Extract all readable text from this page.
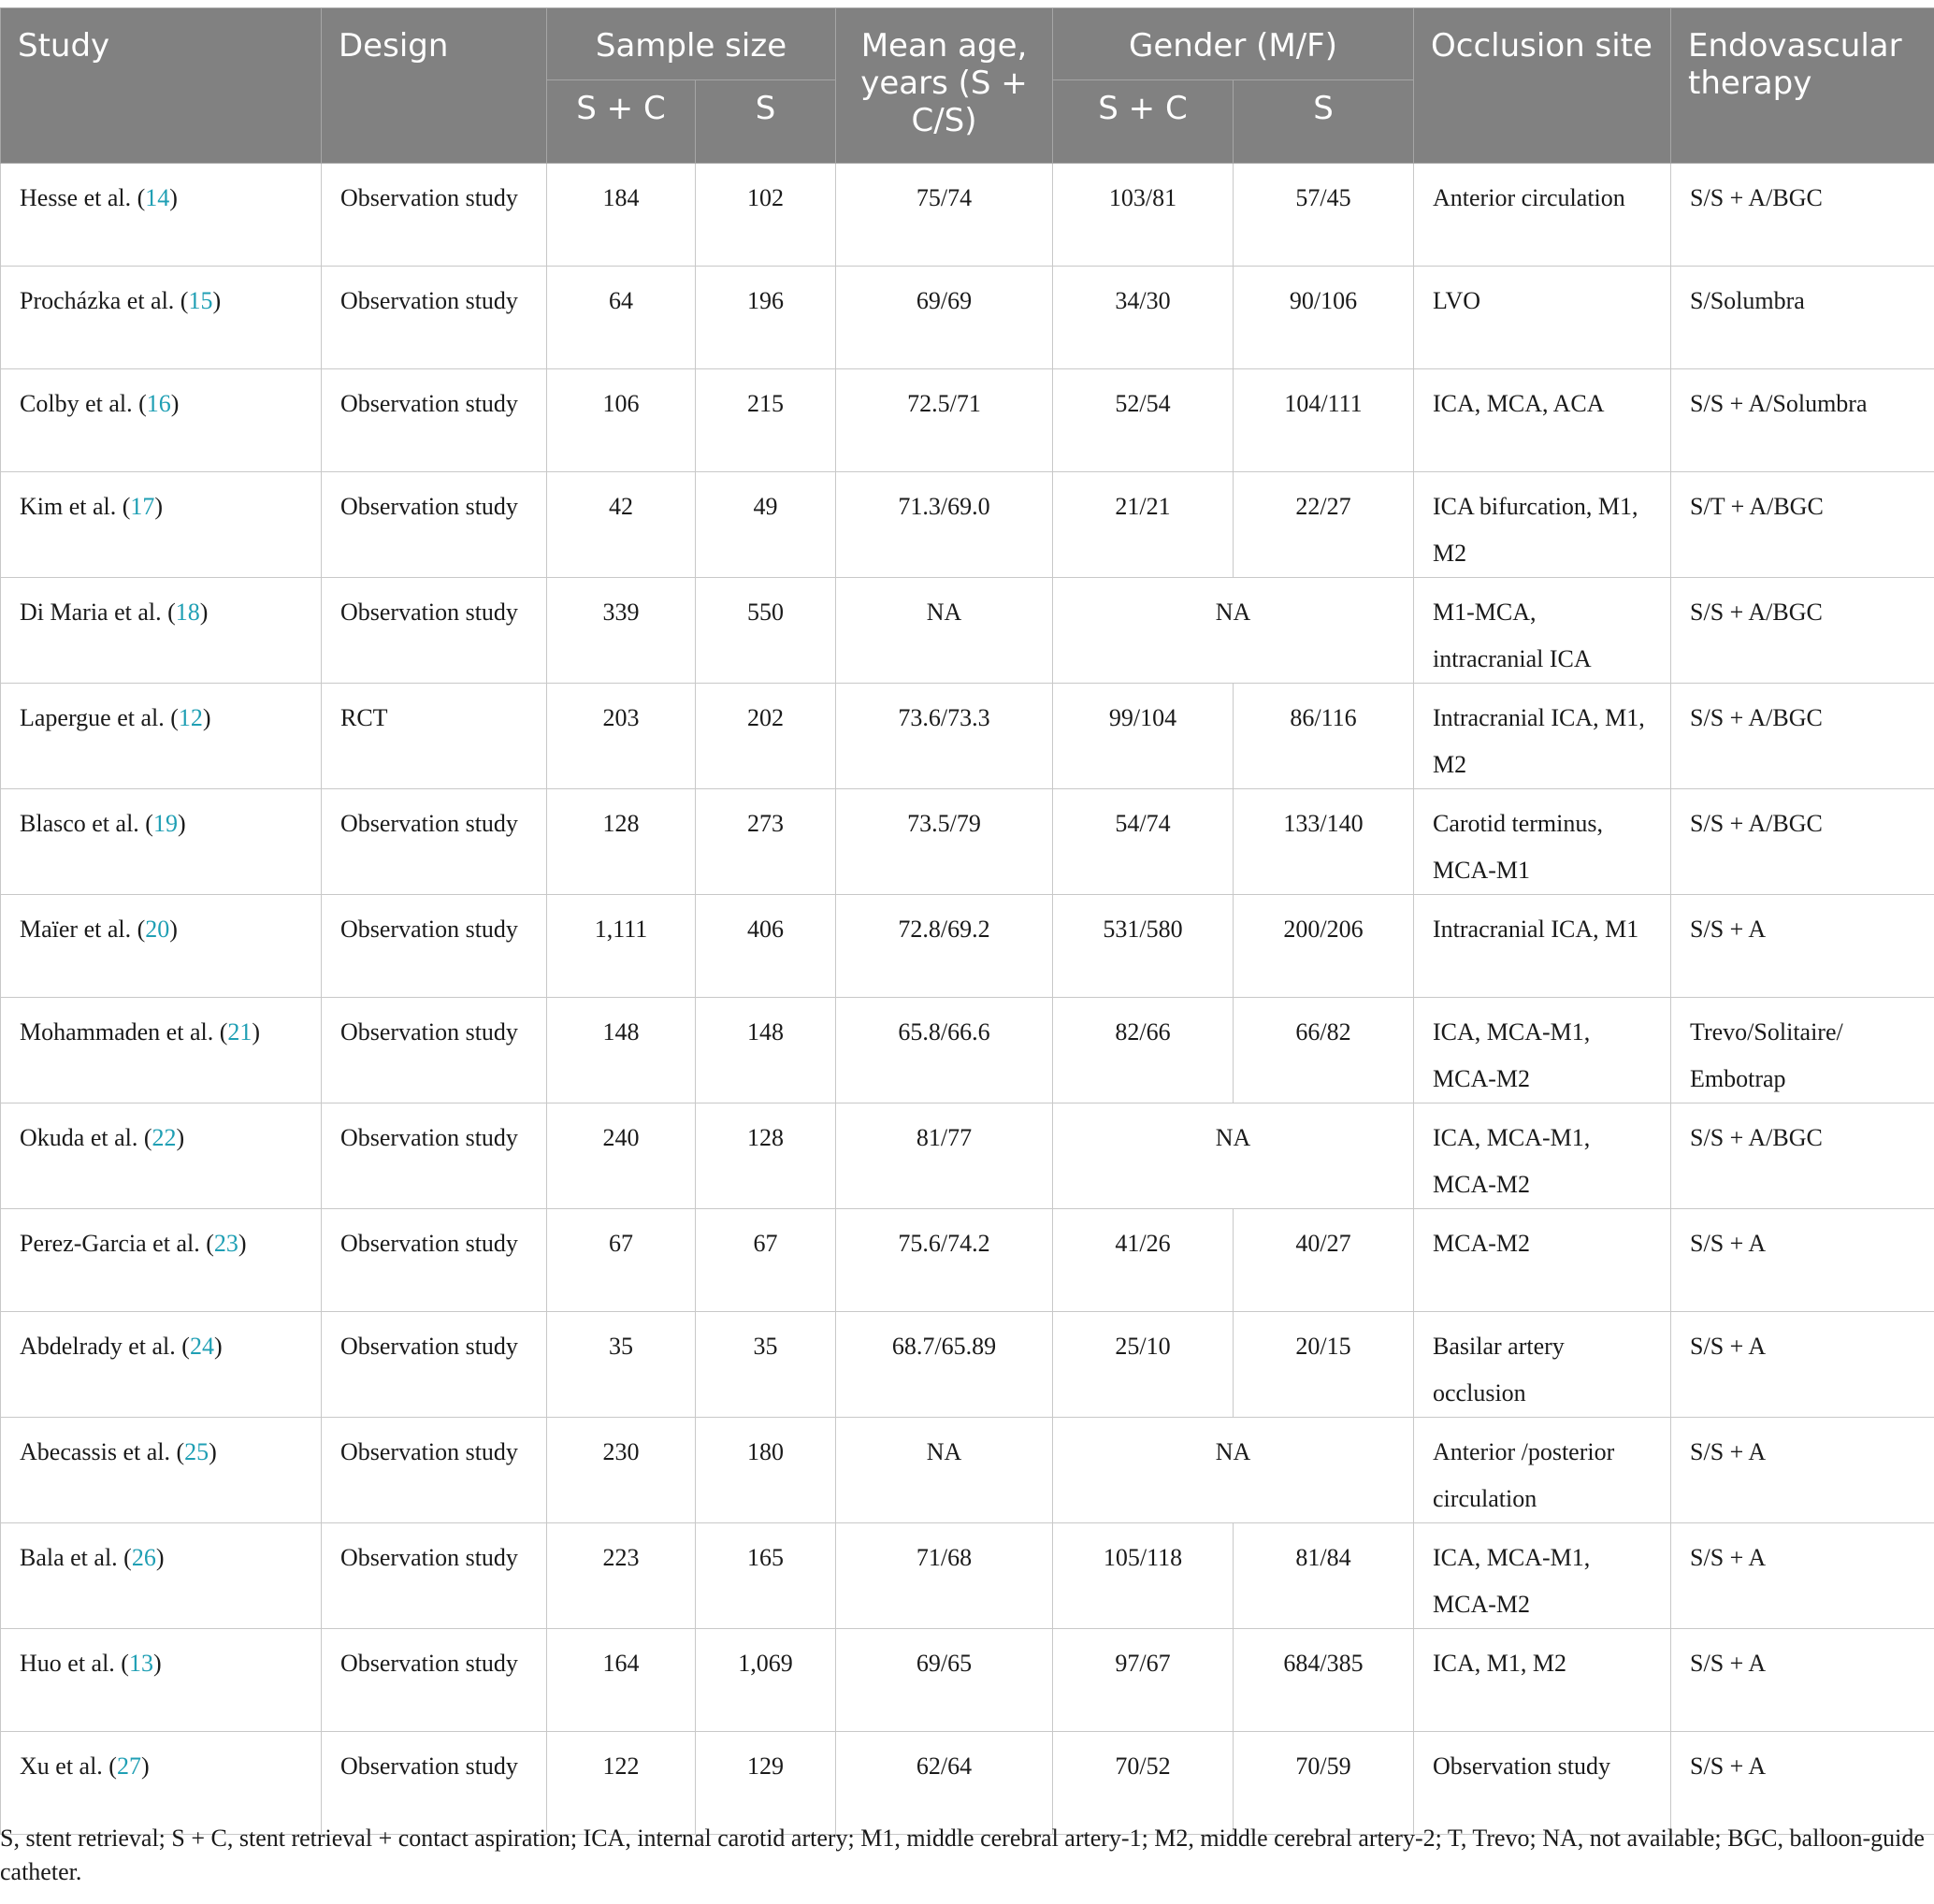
Study	Design	Sample size		Mean age, years (S + C/S)	Gender (M/F)		Occlusion site	Endovascular therapy
		S + C	S		S + C	S		
Hesse et al. (14)	Observation study	184	102	75/74	103/81	57/45	Anterior circulation	S/S + A/BGC
Procházka et al. (15)	Observation study	64	196	69/69	34/30	90/106	LVO	S/Solumbra
Colby et al. (16)	Observation study	106	215	72.5/71	52/54	104/111	ICA, MCA, ACA	S/S + A/Solumbra
Kim et al. (17)	Observation study	42	49	71.3/69.0	21/21	22/27	ICA bifurcation, M1, M2	S/T + A/BGC
Di Maria et al. (18)	Observation study	339	550	NA	NA		M1-MCA, intracranial ICA	S/S + A/BGC
Lapergue et al. (12)	RCT	203	202	73.6/73.3	99/104	86/116	Intracranial ICA, M1, M2	S/S + A/BGC
Blasco et al. (19)	Observation study	128	273	73.5/79	54/74	133/140	Carotid terminus, MCA-M1	S/S + A/BGC
Maïer et al. (20)	Observation study	1,111	406	72.8/69.2	531/580	200/206	Intracranial ICA, M1	S/S + A
Mohammaden et al. (21)	Observation study	148	148	65.8/66.6	82/66	66/82	ICA, MCA-M1, MCA-M2	Trevo/Solitaire/ Embotrap
Okuda et al. (22)	Observation study	240	128	81/77	NA		ICA, MCA-M1, MCA-M2	S/S + A/BGC
Perez-Garcia et al. (23)	Observation study	67	67	75.6/74.2	41/26	40/27	MCA-M2	S/S + A
Abdelrady et al. (24)	Observation study	35	35	68.7/65.89	25/10	20/15	Basilar artery occlusion	S/S + A
Abecassis et al. (25)	Observation study	230	180	NA	NA		Anterior /posterior circulation	S/S + A
Bala et al. (26)	Observation study	223	165	71/68	105/118	81/84	ICA, MCA-M1, MCA-M2	S/S + A
Huo et al. (13)	Observation study	164	1,069	69/65	97/67	684/385	ICA, M1, M2	S/S + A
Xu et al. (27)	Observation study	122	129	62/64	70/52	70/59	Observation study	S/S + A

S, stent retrieval; S + C, stent retrieval + contact aspiration; ICA, internal carotid artery; M1, middle cerebral artery-1; M2, middle cerebral artery-2; T, Trevo; NA, not available; BGC, balloon-guide catheter.
